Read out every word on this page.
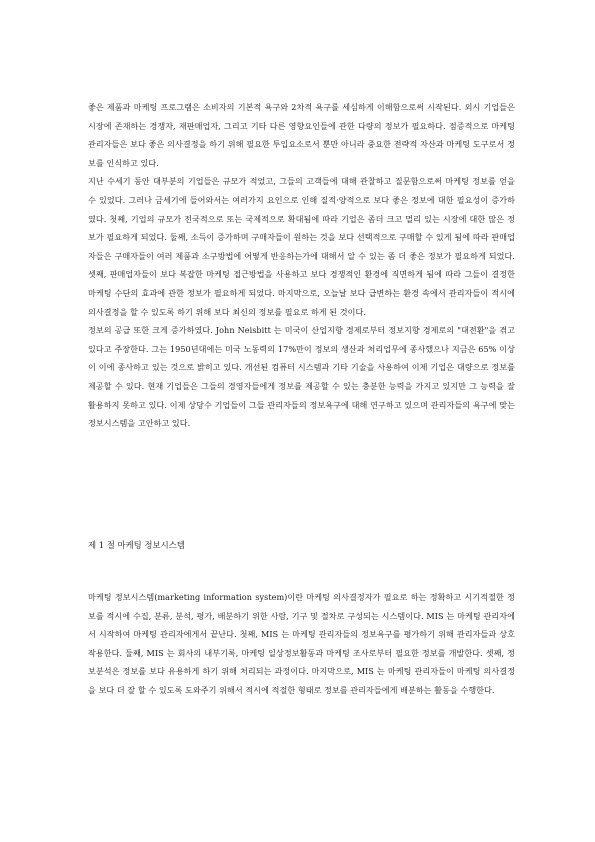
좋은 제품과 마케팅 프로그램은 소비자의 기본적 욕구와 2차적 욕구를 세심하게 이해함으로써 시작된다. 외시 기업들은 시장에 존재하는 경쟁자, 재판매업자, 그리고 기타 다른 영향요인들에 관한 다량의 정보가 필요하다. 점증적으로 마케팅 관리자들은 보다 좋은 의사결정을 하기 위해 필요한 투입요소로서 뿐만 아니라 중요한 전략적 자산과 마케팅 도구로서 정보를 인식하고 있다.

지난 수세기 동안 대부분의 기업들은 규모가 적었고, 그들의 고객들에 대해 관찰하고 질문함으로써 마케팅 정보를 얻을 수 있었다. 그러나 금세기에 들어와서는 여러가지 요인으로 인해 질적·양적으로 보다 좋은 정보에 대한 필요성이 증가하였다. 첫째, 기업의 규모가 전국적으로 또는 국제적으로 확대됨에 따라 기업은 좀더 크고 멀리 있는 시장에 대한 많은 정보가 필요하게 되었다. 둘째, 소득이 증가하며 구매자들이 원하는 것을 보다 선택적으로 구매할 수 있게 됨에 따라 판매업자들은 구매자들이 여러 제품과 소구방법에 어떻게 반응하는가에 대해서 알 수 있는 좀 더 좋은 정보가 필요하게 되었다. 셋째, 판매업자들이 보다 복잡한 마케팅 접근방법을 사용하고 보다 경쟁적인 환경에 직면하게 됨에 따라 그들이 결정한 마케팅 수단의 효과에 관한 정보가 필요하게 되었다. 마지막으로, 오늘날 보다 급변하는 환경 속에서 관리자들이 적시에 의사결정을 할 수 있도록 하기 위해 보다 최신의 정보를 필요로 하게 된 것이다.

정보의 공급 또한 크게 증가하였다. John Neisbitt 는 미국이 산업지향 경제로부터 정보지향 경제로의 "대전환"을 겪고 있다고 주장한다. 그는 1950년대에는 미국 노동력의 17%만이 정보의 생산과 처리업무에 종사했으나 지금은 65% 이상이 이에 종사하고 있는 것으로 밝히고 있다. 개선된 컴퓨터 시스템과 기타 기술을 사용하여 이제 기업은 대량으로 정보를 제공할 수 있다. 현재 기업들은 그들의 경영자들에게 정보를 제공할 수 있는 충분한 능력을 가지고 있지만 그 능력을 잘 활용하지 못하고 있다. 이제 상당수 기업들이 그들 관리자들의 정보욕구에 대해 연구하고 있으며 관리자들의 욕구에 맞는 정보시스템을 고안하고 있다.

제 1 절 마케팅 정보시스템

마케팅 정보시스템(marketing information system)이란 마케팅 의사결정자가 필요로 하는 정확하고 시기적절한 정보를 적시에 수집, 분류, 분석, 평가, 배분하기 위한 사람, 기구 및 절차로 구성되는 시스템이다. MIS 는 마케팅 관리자에서 시작하여 마케팅 관리자에게서 끝난다. 첫째, MIS 는 마케팅 관리자들의 정보욕구를 평가하기 위해 관리자들과 상호작용한다. 둘째, MIS 는 회사의 내부기록, 마케팅 일상정보활동과 마케팅 조사로부터 필요한 정보를 개발한다. 셋째, 정보분석은 정보를 보다 유용하게 하기 위해 처리되는 과정이다. 마지막으로, MIS 는 마케팅 관리자들이 마케팅 의사결정을 보다 더 잘 할 수 있도록 도와주기 위해서 적시에 적절한 형태로 정보를 관리자들에게 배분하는 활동을 수행한다.
